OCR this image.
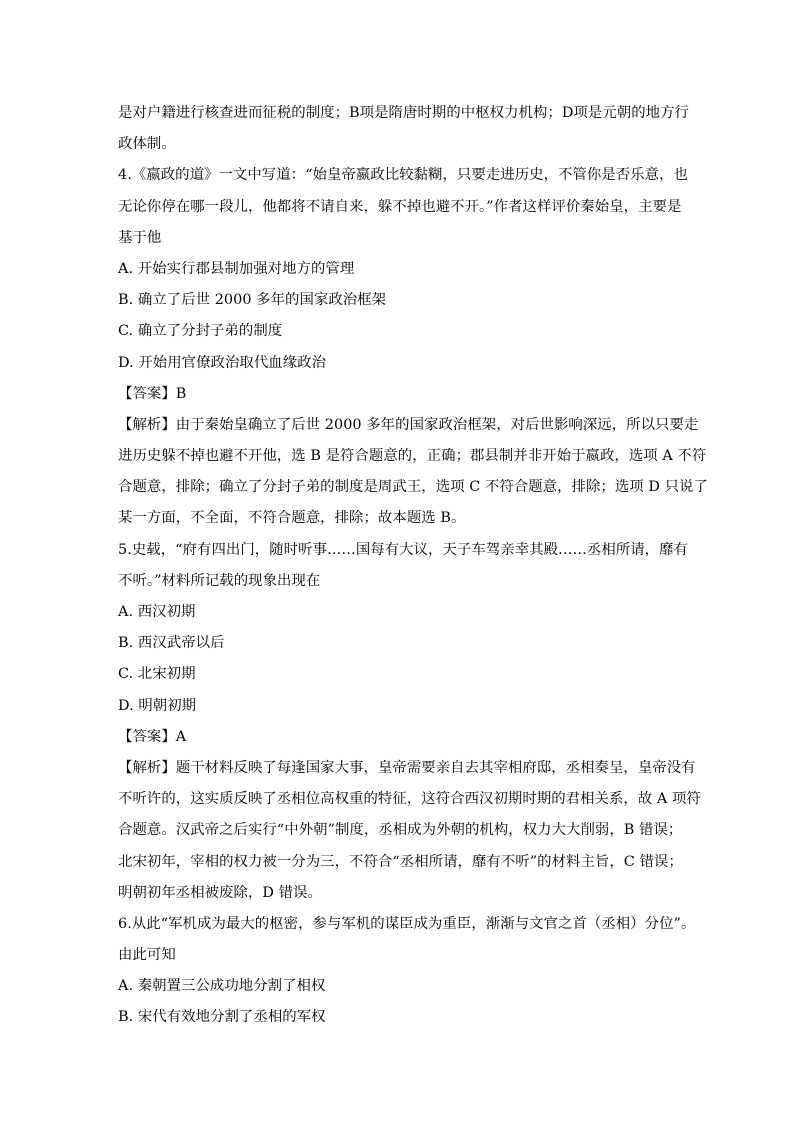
是对户籍进行核查进而征税的制度；B项是隋唐时期的中枢权力机构；D项是元朝的地方行
政体制。
4.《嬴政的道》一文中写道：“始皇帝嬴政比较黏糊，只要走进历史，不管你是否乐意，也
无论你停在哪一段儿，他都将不请自来，躲不掉也避不开。”作者这样评价秦始皇，主要是
基于他
A. 开始实行郡县制加强对地方的管理
B. 确立了后世 2000 多年的国家政治框架
C. 确立了分封子弟的制度
D. 开始用官僚政治取代血缘政治
【答案】B
【解析】由于秦始皇确立了后世 2000 多年的国家政治框架，对后世影响深远，所以只要走
进历史躲不掉也避不开他，选 B 是符合题意的，正确；郡县制并非开始于嬴政，选项 A 不符
合题意，排除；确立了分封子弟的制度是周武王，选项 C 不符合题意，排除；选项 D 只说了
某一方面，不全面，不符合题意，排除；故本题选 B。
5.史载，“府有四出门，随时听事……国每有大议，天子车驾亲幸其殿……丞相所请，靡有
不听。”材料所记载的现象出现在
A. 西汉初期
B. 西汉武帝以后
C. 北宋初期
D. 明朝初期
【答案】A
【解析】题干材料反映了每逢国家大事，皇帝需要亲自去其宰相府邸，丞相奏呈，皇帝没有
不听许的，这实质反映了丞相位高权重的特征，这符合西汉初期时期的君相关系，故 A 项符
合题意。汉武帝之后实行“中外朝”制度，丞相成为外朝的机构，权力大大削弱，B 错误；
北宋初年，宰相的权力被一分为三，不符合“丞相所请，靡有不听”的材料主旨，C 错误；
明朝初年丞相被废除，D 错误。
6.从此“军机成为最大的枢密，参与军机的谋臣成为重臣，渐渐与文官之首（丞相）分位”。
由此可知
A. 秦朝置三公成功地分割了相权
B. 宋代有效地分割了丞相的军权
